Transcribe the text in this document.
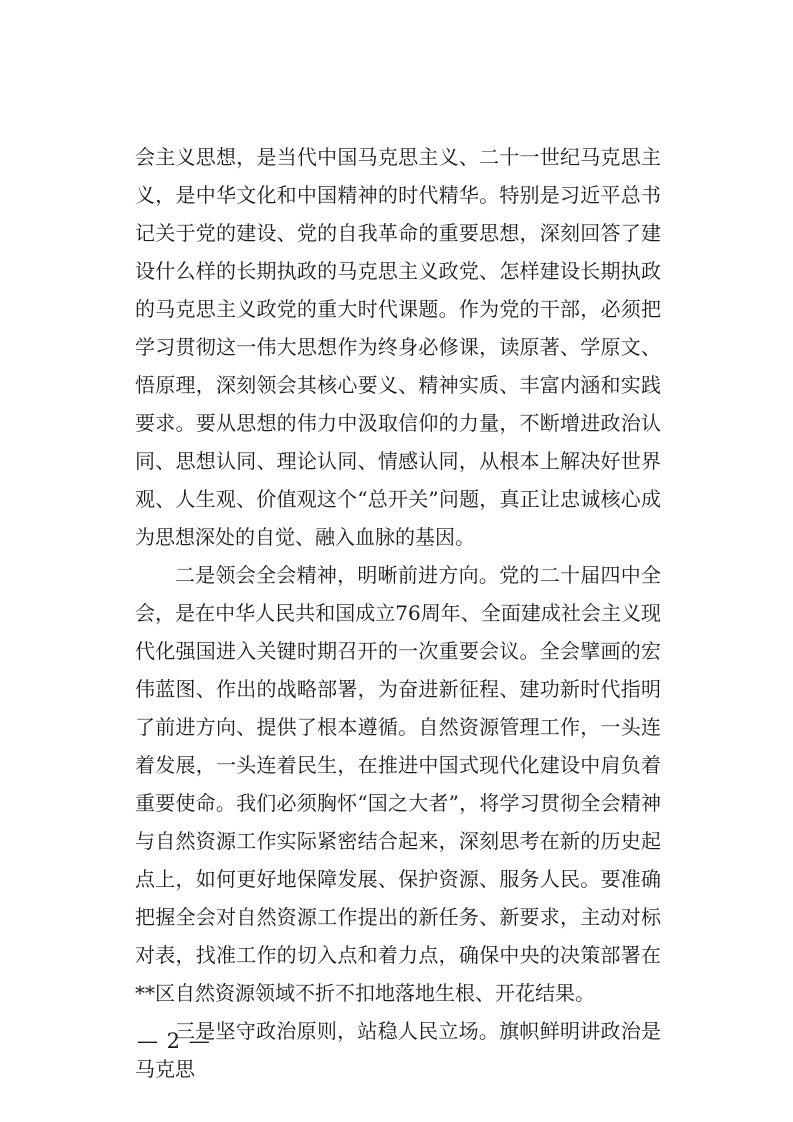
会主义思想，是当代中国马克思主义、二十一世纪马克思主义，是中华文化和中国精神的时代精华。特别是习近平总书记关于党的建设、党的自我革命的重要思想，深刻回答了建设什么样的长期执政的马克思主义政党、怎样建设长期执政的马克思主义政党的重大时代课题。作为党的干部，必须把学习贯彻这一伟大思想作为终身必修课，读原著、学原文、悟原理，深刻领会其核心要义、精神实质、丰富内涵和实践要求。要从思想的伟力中汲取信仰的力量，不断增进政治认同、思想认同、理论认同、情感认同，从根本上解决好世界观、人生观、价值观这个“总开关”问题，真正让忠诚核心成为思想深处的自觉、融入血脉的基因。

二是领会全会精神，明晰前进方向。党的二十届四中全会，是在中华人民共和国成立76周年、全面建成社会主义现代化强国进入关键时期召开的一次重要会议。全会擘画的宏伟蓝图、作出的战略部署，为奋进新征程、建功新时代指明了前进方向、提供了根本遵循。自然资源管理工作，一头连着发展，一头连着民生，在推进中国式现代化建设中肩负着重要使命。我们必须胸怀“国之大者”，将学习贯彻全会精神与自然资源工作实际紧密结合起来，深刻思考在新的历史起点上，如何更好地保障发展、保护资源、服务人民。要准确把握全会对自然资源工作提出的新任务、新要求，主动对标对表，找准工作的切入点和着力点，确保中央的决策部署在**区自然资源领域不折不扣地落地生根、开花结果。

三是坚守政治原则，站稳人民立场。旗帜鲜明讲政治是马克思

— 2 —
